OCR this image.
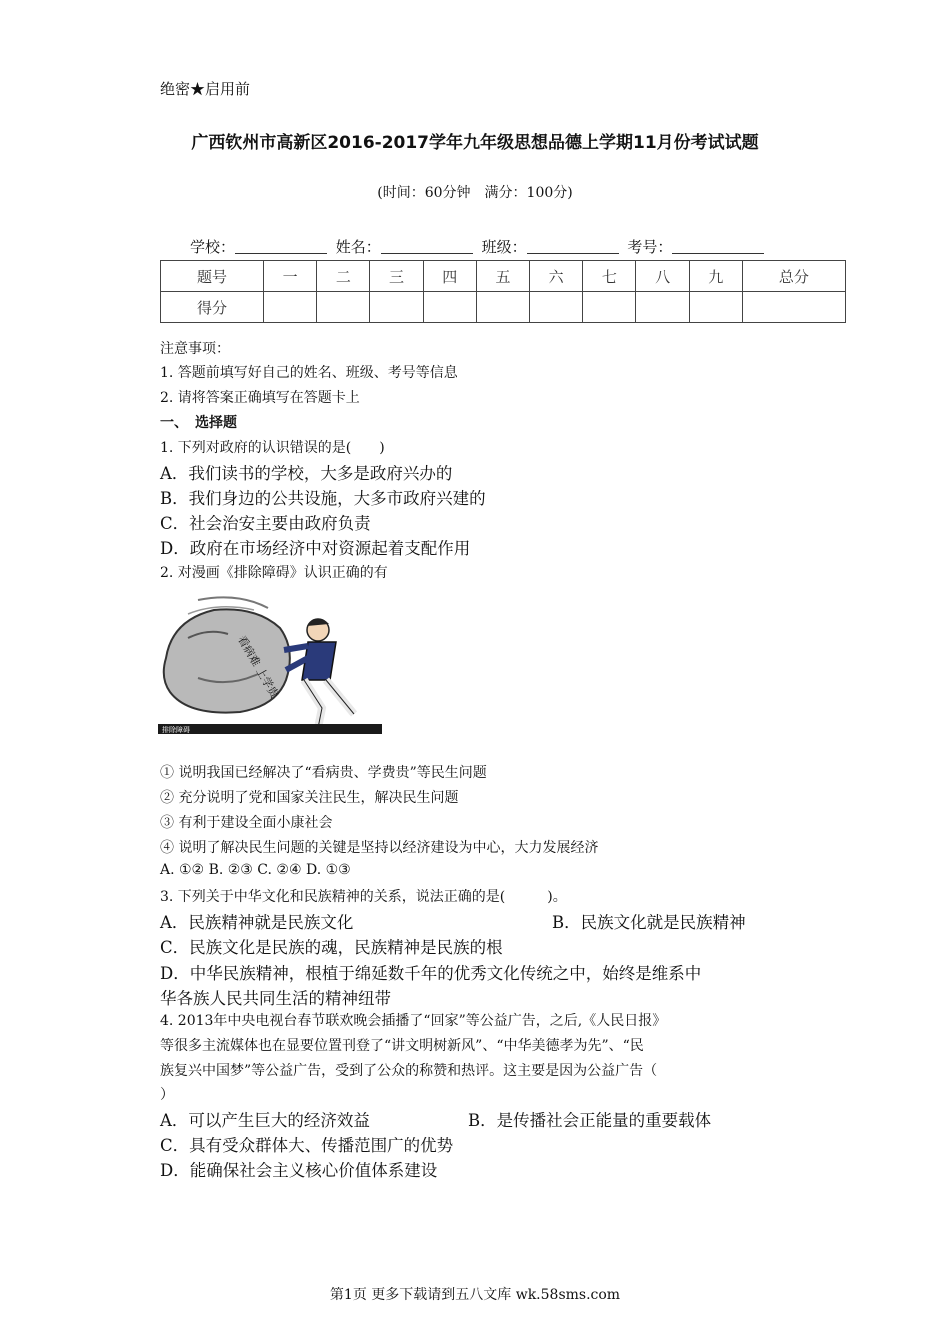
绝密★启用前
广西钦州市高新区2016-2017学年九年级思想品德上学期11月份考试试题
(时间：60分钟　满分：100分)
学校：	姓名：	班级：	考号：
题号	一	二	三	四	五	六	七	八	九	总分
得分										
注意事项：
1. 答题前填写好自己的姓名、班级、考号等信息
2. 请将答案正确填写在答题卡上
一、　选择题
1. 下列对政府的认识错误的是(　　)
A．我们读书的学校，大多是政府兴办的
B．我们身边的公共设施，大多市政府兴建的
C．社会治安主要由政府负责
D．政府在市场经济中对资源起着支配作用
2. 对漫画《排除障碍》认识正确的有
看病难 上学贵
排除障碍
① 说明我国已经解决了“看病贵、学费贵”等民生问题
② 充分说明了党和国家关注民生，解决民生问题
③ 有利于建设全面小康社会
④ 说明了解决民生问题的关键是坚持以经济建设为中心，大力发展经济
A. ①② B. ②③ C. ②④ D. ①③
3. 下列关于中华文化和民族精神的关系，说法正确的是(　　　)。
A．民族精神就是民族文化	B．民族文化就是民族精神
C．民族文化是民族的魂，民族精神是民族的根
D．中华民族精神，根植于绵延数千年的优秀文化传统之中，始终是维系中
华各族人民共同生活的精神纽带
4. 2013年中央电视台春节联欢晚会插播了“回家”等公益广告，之后,《人民日报》
等很多主流媒体也在显要位置刊登了“讲文明树新风”、“中华美德孝为先”、“民
族复兴中国梦”等公益广告，受到了公众的称赞和热评。这主要是因为公益广告（
）
A．可以产生巨大的经济效益	B．是传播社会正能量的重要载体
C．具有受众群体大、传播范围广的优势
D．能确保社会主义核心价值体系建设
第1页 更多下载请到五八文库 wk.58sms.com
